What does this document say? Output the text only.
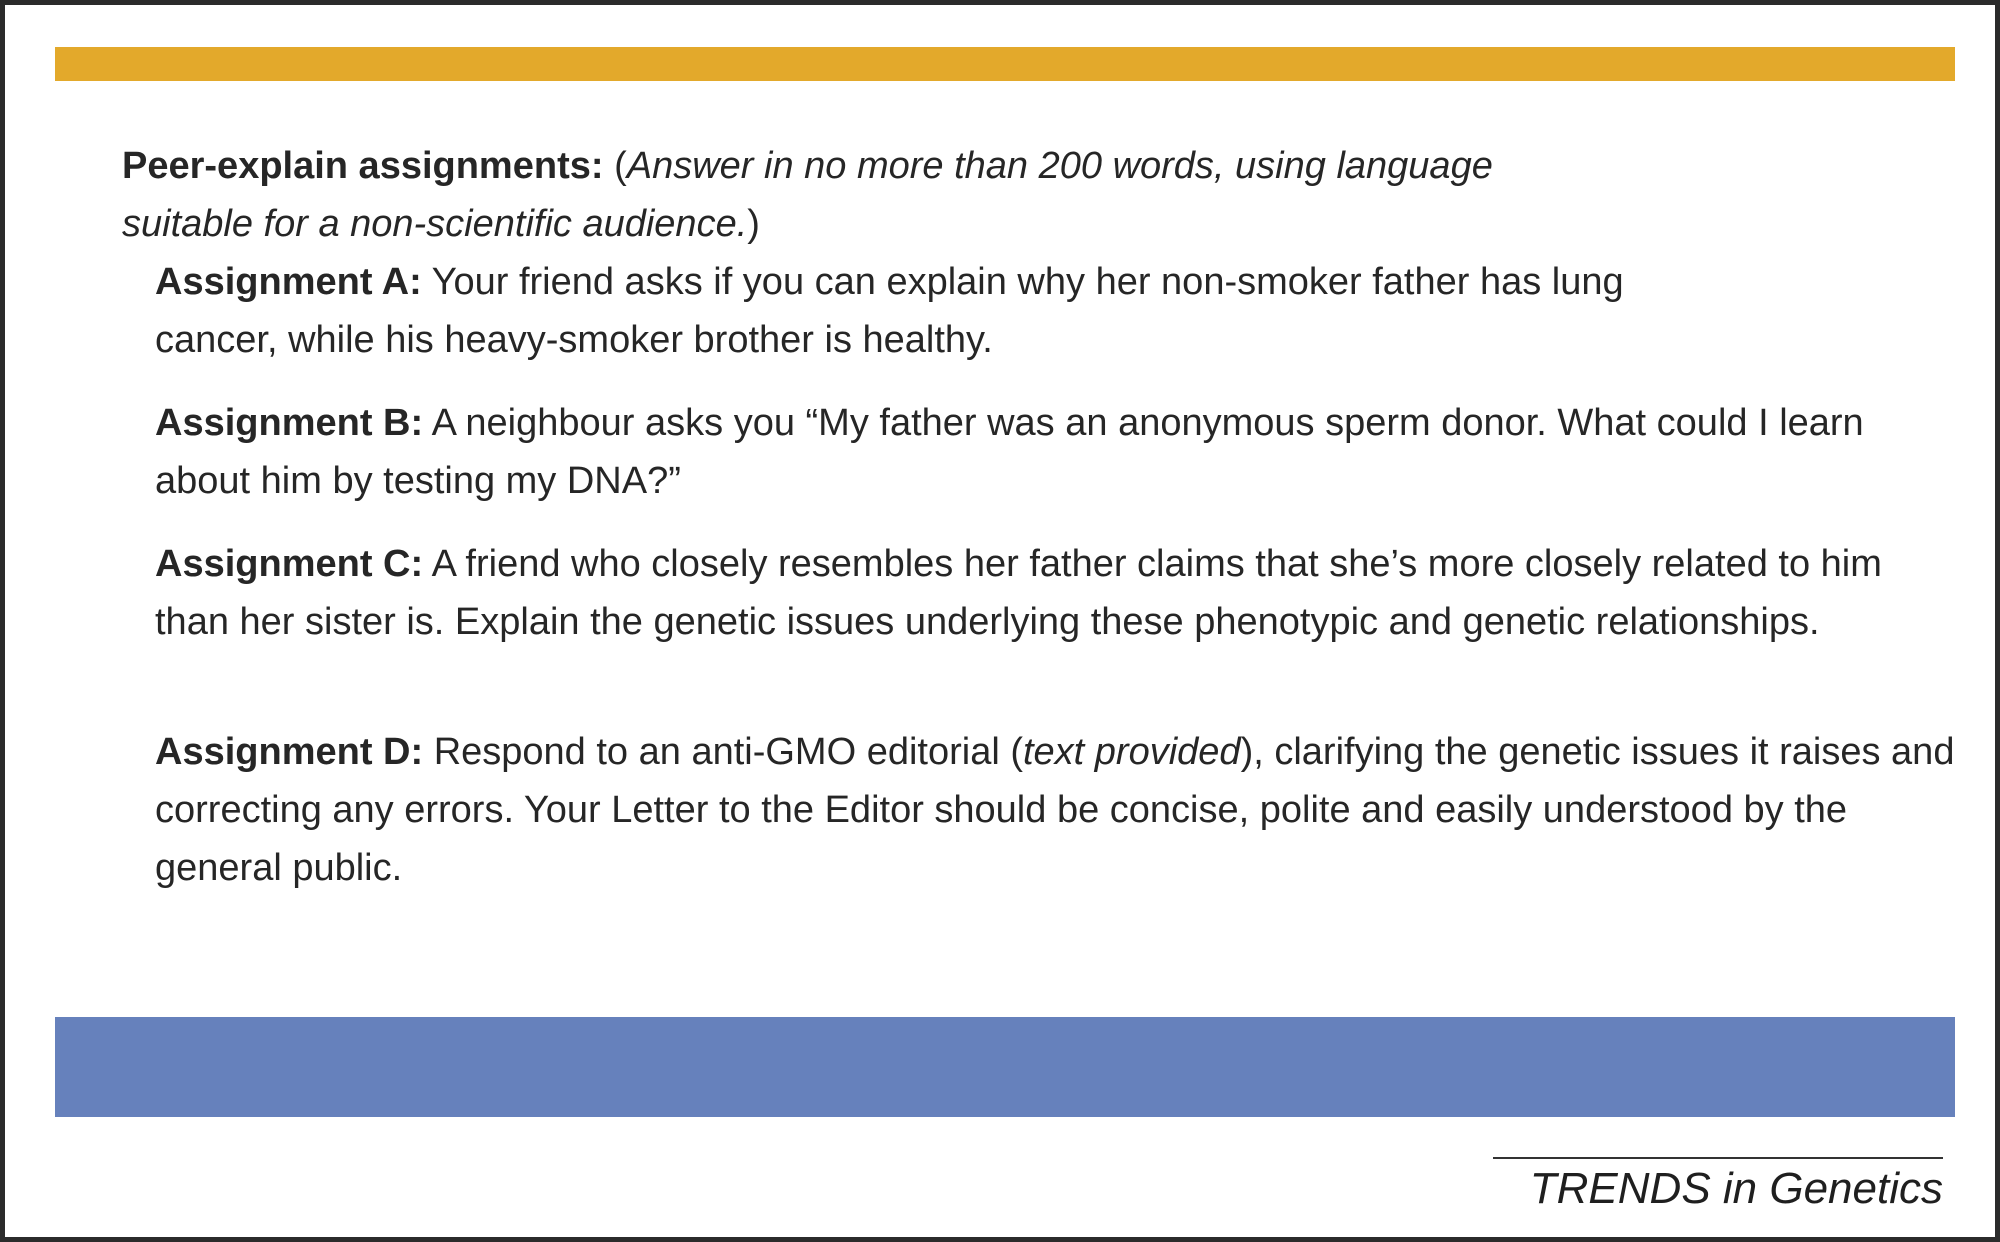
Peer-explain assignments: (Answer in no more than 200 words, using language suitable for a non-scientific audience.)

Assignment A: Your friend asks if you can explain why her non-smoker father has lung cancer, while his heavy-smoker brother is healthy.
Assignment B: A neighbour asks you “My father was an anonymous sperm donor. What could I learn about him by testing my DNA?”
Assignment C: A friend who closely resembles her father claims that she’s more closely related to him than her sister is. Explain the genetic issues underlying these phenotypic and genetic relationships.
Assignment D: Respond to an anti-GMO editorial (text provided), clarifying the genetic issues it raises and correcting any errors. Your Letter to the Editor should be concise, polite and easily understood by the general public.
TRENDS in Genetics
